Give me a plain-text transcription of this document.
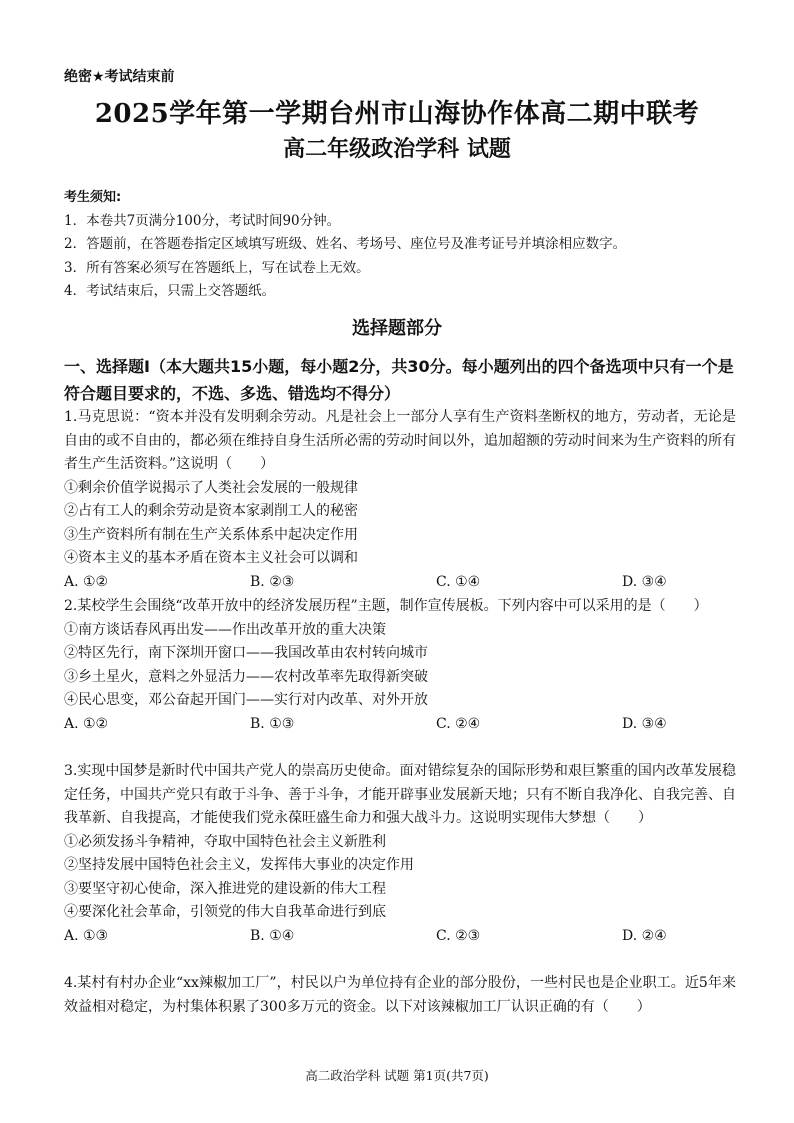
绝密★考试结束前
2025学年第一学期台州市山海协作体高二期中联考
高二年级政治学科 试题
考生须知:
1．本卷共7页满分100分，考试时间90分钟。
2．答题前，在答题卷指定区域填写班级、姓名、考场号、座位号及准考证号并填涂相应数字。
3．所有答案必须写在答题纸上，写在试卷上无效。
4．考试结束后，只需上交答题纸。
选择题部分
一、选择题Ⅰ（本大题共15小题，每小题2分，共30分。每小题列出的四个备选项中只有一个是符合题目要求的，不选、多选、错选均不得分）
1.马克思说：“资本并没有发明剩余劳动。凡是社会上一部分人享有生产资料垄断权的地方，劳动者，无论是自由的或不自由的，都必须在维持自身生活所必需的劳动时间以外，追加超额的劳动时间来为生产资料的所有者生产生活资料。”这说明（　　）
①剩余价值学说揭示了人类社会发展的一般规律
②占有工人的剩余劳动是资本家剥削工人的秘密
③生产资料所有制在生产关系体系中起决定作用
④资本主义的基本矛盾在资本主义社会可以调和
A. ①②	B. ②③	C. ①④	D. ③④
2.某校学生会围绕“改革开放中的经济发展历程”主题，制作宣传展板。下列内容中可以采用的是（　　）
①南方谈话春风再出发——作出改革开放的重大决策
②特区先行，南下深圳开窗口——我国改革由农村转向城市
③乡土星火，意料之外显活力——农村改革率先取得新突破
④民心思变，邓公奋起开国门——实行对内改革、对外开放
A. ①②	B. ①③	C. ②④	D. ③④
3.实现中国梦是新时代中国共产党人的崇高历史使命。面对错综复杂的国际形势和艰巨繁重的国内改革发展稳定任务，中国共产党只有敢于斗争、善于斗争，才能开辟事业发展新天地；只有不断自我净化、自我完善、自我革新、自我提高，才能使我们党永葆旺盛生命力和强大战斗力。这说明实现伟大梦想（　　）
①必须发扬斗争精神，夺取中国特色社会主义新胜利
②坚持发展中国特色社会主义，发挥伟大事业的决定作用
③要坚守初心使命，深入推进党的建设新的伟大工程
④要深化社会革命，引领党的伟大自我革命进行到底
A. ①③	B. ①④	C. ②③	D. ②④
4.某村有村办企业“xx辣椒加工厂”，村民以户为单位持有企业的部分股份，一些村民也是企业职工。近5年来效益相对稳定，为村集体积累了300多万元的资金。以下对该辣椒加工厂认识正确的有（　　）
高二政治学科 试题 第1页(共7页)
